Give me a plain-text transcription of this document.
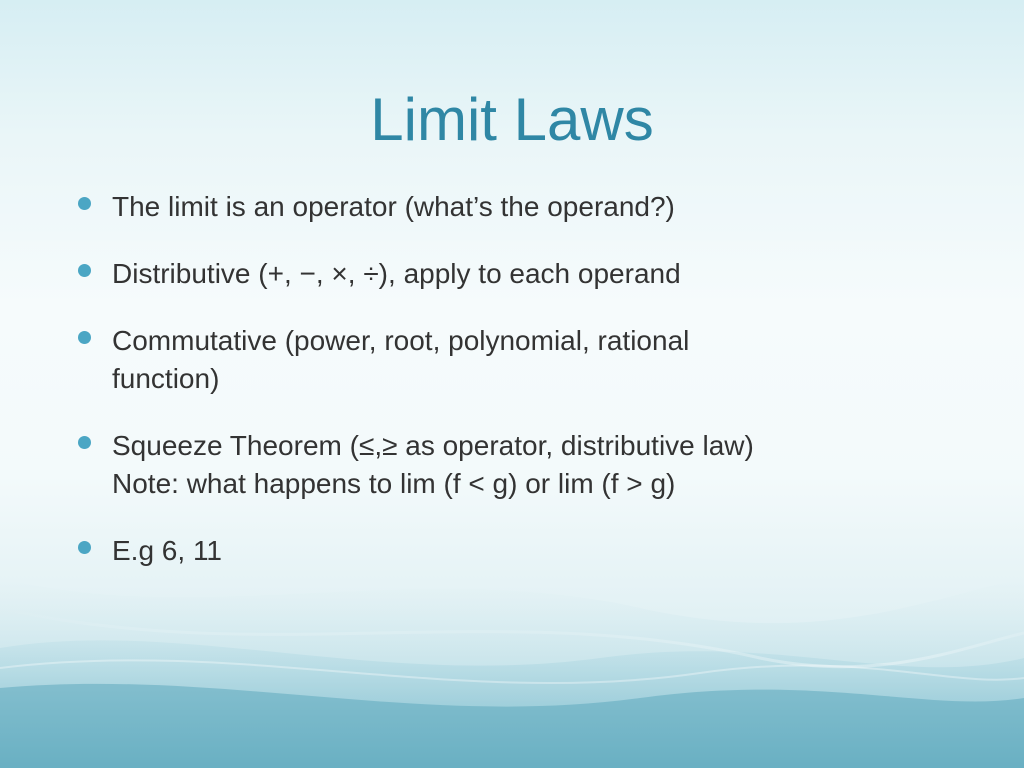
Limit Laws
The limit is an operator (what’s the operand?)
Distributive (+, −, ×, ÷), apply to each operand
Commutative (power, root, polynomial, rational
function)
Squeeze Theorem (≤,≥ as operator, distributive law)
Note: what happens to lim (f < g) or lim (f > g)
E.g 6, 11
